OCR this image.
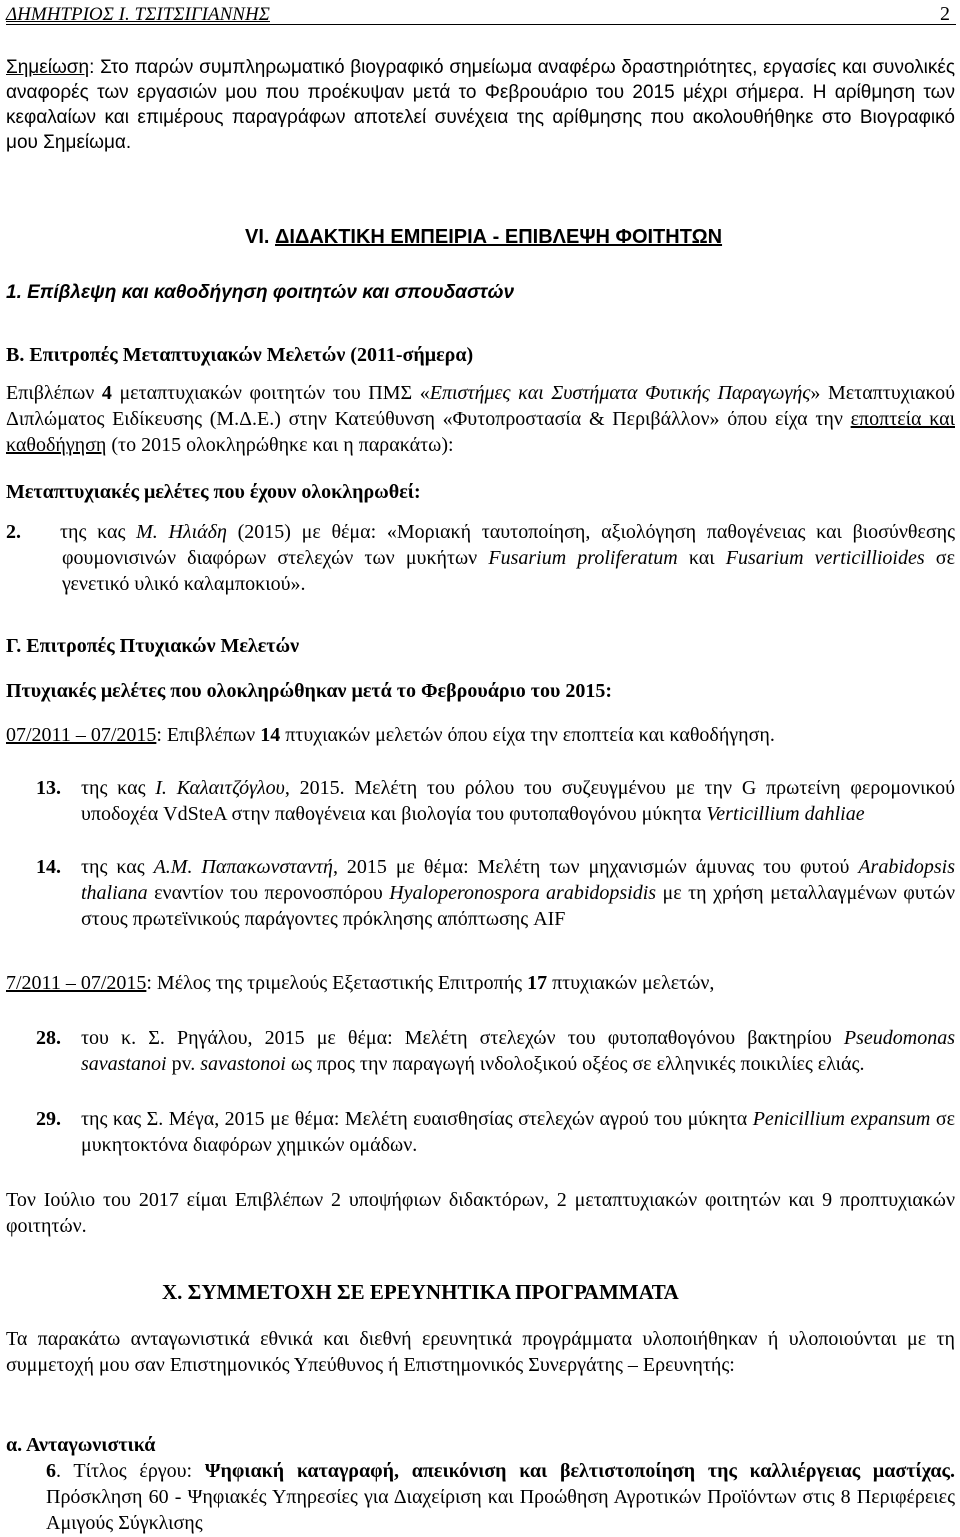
ΔΗΜΗΤΡΙΟΣ Ι. ΤΣΙΤΣΙΓΙΑΝΝΗΣ	2
Σημείωση: Στο παρών συμπληρωματικό βιογραφικό σημείωμα αναφέρω δραστηριότητες, εργασίες και συνολικές αναφορές των εργασιών μου που προέκυψαν μετά το Φεβρουάριο του 2015 μέχρι σήμερα. Η αρίθμηση των κεφαλαίων και επιμέρους παραγράφων αποτελεί συνέχεια της αρίθμησης που ακολουθήθηκε στο Βιογραφικό μου Σημείωμα.
VI. ΔΙΔΑΚΤΙΚΗ ΕΜΠΕΙΡΙΑ - ΕΠΙΒΛΕΨΗ ΦΟΙΤΗΤΩΝ
1. Επίβλεψη και καθοδήγηση φοιτητών και σπουδαστών
Β. Επιτροπές Μεταπτυχιακών Μελετών (2011-σήμερα)
Επιβλέπων 4 μεταπτυχιακών φοιτητών του ΠΜΣ «Επιστήμες και Συστήματα Φυτικής Παραγωγής» Μεταπτυχιακού Διπλώματος Ειδίκευσης (Μ.Δ.Ε.) στην Κατεύθυνση «Φυτοπροστασία & Περιβάλλον» όπου είχα την εποπτεία και καθοδήγηση (το 2015 ολοκληρώθηκε και η παρακάτω):
Μεταπτυχιακές μελέτες που έχουν ολοκληρωθεί:
2. της κας Μ. Ηλιάδη (2015) με θέμα: «Μοριακή ταυτοποίηση, αξιολόγηση παθογένειας και βιοσύνθεσης φουμονισινών διαφόρων στελεχών των μυκήτων Fusarium proliferatum και Fusarium verticillioides σε γενετικό υλικό καλαμποκιού».
Γ. Επιτροπές Πτυχιακών Μελετών
Πτυχιακές μελέτες που ολοκληρώθηκαν μετά το Φεβρουάριο του 2015:
07/2011 – 07/2015: Επιβλέπων 14 πτυχιακών μελετών όπου είχα την εποπτεία και καθοδήγηση.
13. της κας Ι. Καλαιτζόγλου, 2015. Μελέτη του ρόλου του συζευγμένου με την G πρωτείνη φερομονικού υποδοχέα VdSteA στην παθογένεια και βιολογία του φυτοπαθογόνου μύκητα Verticillium dahliae
14. της κας Α.Μ. Παπακωνσταντή, 2015 με θέμα: Μελέτη των μηχανισμών άμυνας του φυτού Arabidopsis thaliana εναντίον του περονοσπόρου Hyaloperonospora arabidopsidis με τη χρήση μεταλλαγμένων φυτών στους πρωτεϊνικούς παράγοντες πρόκλησης απόπτωσης AIF
7/2011 – 07/2015: Μέλος της τριμελούς Εξεταστικής Επιτροπής 17 πτυχιακών μελετών,
28. του κ. Σ. Ρηγάλου, 2015 με θέμα: Μελέτη στελεχών του φυτοπαθογόνου βακτηρίου Pseudomonas savastanoi pv. savastonoi ως προς την παραγωγή ινδολοξικού οξέος σε ελληνικές ποικιλίες ελιάς.
29. της κας Σ. Μέγα, 2015 με θέμα: Μελέτη ευαισθησίας στελεχών αγρού του μύκητα Penicillium expansum σε μυκητοκτόνα διαφόρων χημικών ομάδων.
Τον Ιούλιο του 2017 είμαι Επιβλέπων 2 υποψήφιων διδακτόρων, 2 μεταπτυχιακών φοιτητών και 9 προπτυχιακών φοιτητών.
X. ΣΥΜΜΕΤΟΧΗ ΣΕ ΕΡΕΥΝΗΤΙΚΑ ΠΡΟΓΡΑΜΜΑΤΑ
Τα παρακάτω ανταγωνιστικά εθνικά και διεθνή ερευνητικά προγράμματα υλοποιήθηκαν ή υλοποιούνται με τη συμμετοχή μου σαν Επιστημονικός Υπεύθυνος ή Επιστημονικός Συνεργάτης – Ερευνητής:
α. Ανταγωνιστικά
6. Τίτλος έργου: Ψηφιακή καταγραφή, απεικόνιση και βελτιστοποίηση της καλλιέργειας μαστίχας. Πρόσκληση 60 - Ψηφιακές Υπηρεσίες για Διαχείριση και Προώθηση Αγροτικών Προϊόντων στις 8 Περιφέρειες Αμιγούς Σύγκλισης
